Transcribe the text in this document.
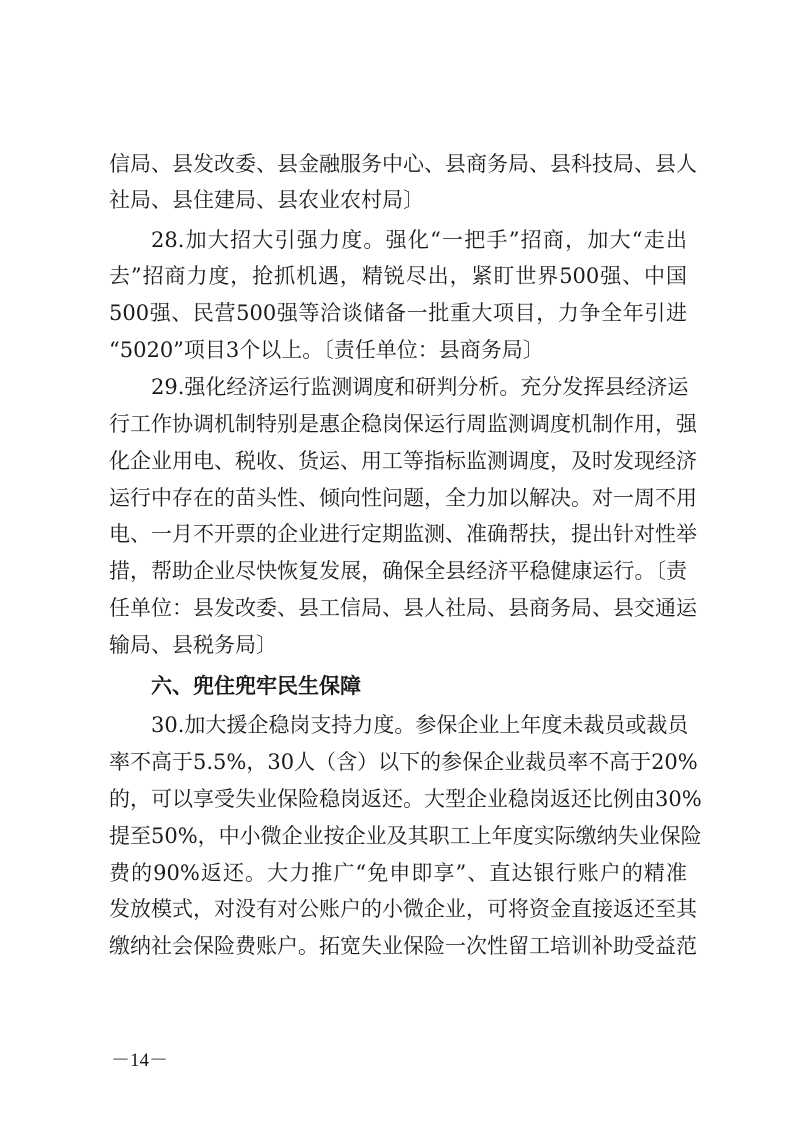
信局、县发改委、县金融服务中心、县商务局、县科技局、县人
社局、县住建局、县农业农村局〕
28.加大招大引强力度。强化“一把手”招商，加大“走出
去”招商力度，抢抓机遇，精锐尽出，紧盯世界500强、中国
500强、民营500强等洽谈储备一批重大项目，力争全年引进
“5020”项目3个以上。〔责任单位：县商务局〕
29.强化经济运行监测调度和研判分析。充分发挥县经济运
行工作协调机制特别是惠企稳岗保运行周监测调度机制作用，强
化企业用电、税收、货运、用工等指标监测调度，及时发现经济
运行中存在的苗头性、倾向性问题，全力加以解决。对一周不用
电、一月不开票的企业进行定期监测、准确帮扶，提出针对性举
措，帮助企业尽快恢复发展，确保全县经济平稳健康运行。〔责
任单位：县发改委、县工信局、县人社局、县商务局、县交通运
输局、县税务局〕
六、兜住兜牢民生保障
30.加大援企稳岗支持力度。参保企业上年度未裁员或裁员
率不高于5.5%，30人（含）以下的参保企业裁员率不高于20%
的，可以享受失业保险稳岗返还。大型企业稳岗返还比例由30%
提至50%，中小微企业按企业及其职工上年度实际缴纳失业保险
费的90%返还。大力推广“免申即享”、直达银行账户的精准
发放模式，对没有对公账户的小微企业，可将资金直接返还至其
缴纳社会保险费账户。拓宽失业保险一次性留工培训补助受益范
－14－
